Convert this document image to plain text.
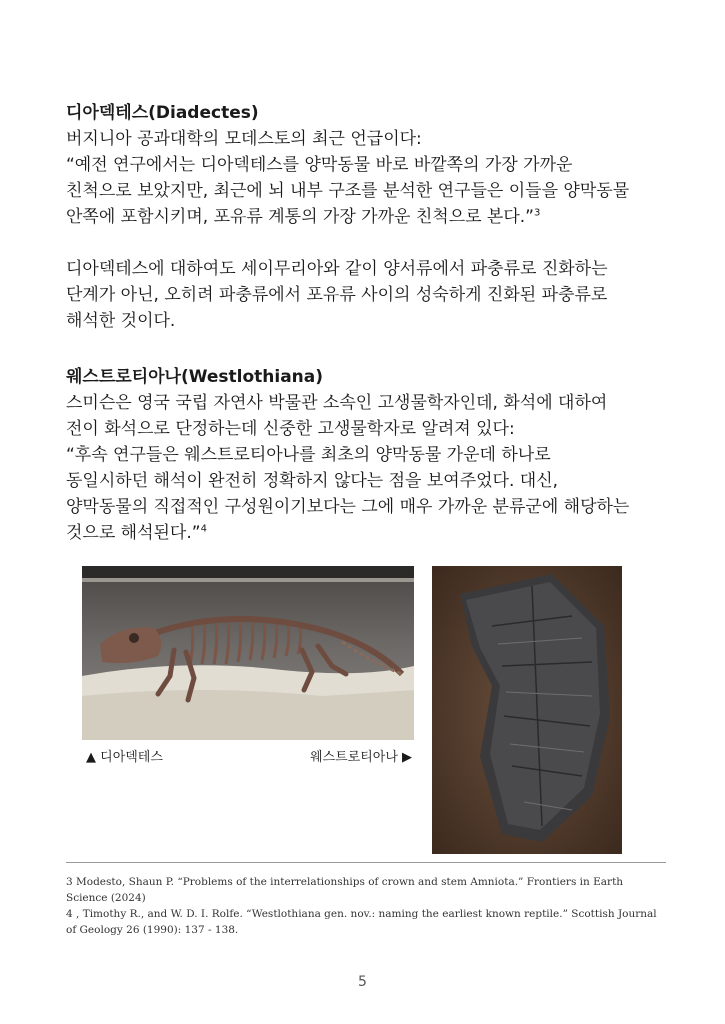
디아덱테스(Diadectes)

버지니아 공과대학의 모데스토의 최근 언급이다:

“예전 연구에서는 디아덱테스를 양막동물 바로 바깥쪽의 가장 가까운

친척으로 보았지만, 최근에 뇌 내부 구조를 분석한 연구들은 이들을 양막동물

안쪽에 포함시키며, 포유류 계통의 가장 가까운 친척으로 본다.”$^3$

디아덱테스에 대하여도 세이무리아와 같이 양서류에서 파충류로 진화하는

단계가 아닌, 오히려 파충류에서 포유류 사이의 성숙하게 진화된 파충류로

해석한 것이다.

웨스트로티아나(Westlothiana)

스미슨은 영국 국립 자연사 박물관 소속인 고생물학자인데, 화석에 대하여

전이 화석으로 단정하는데 신중한 고생물학자로 알려져 있다:

“후속 연구들은 웨스트로티아나를 최초의 양막동물 가운데 하나로

동일시하던 해석이 완전히 정확하지 않다는 점을 보여주었다. 대신,

양막동물의 직접적인 구성원이기보다는 그에 매우 가까운 분류군에 해당하는

것으로 해석된다.”$^4$

▲ 디아덱테스	웨스트로티아나 ▶

3 Modesto, Shaun P. “Problems of the interrelationships of crown and stem Amniota.” Frontiers in Earth Science (2024)

4 , Timothy R., and W. D. I. Rolfe. “Westlothiana gen. nov.: naming the earliest known reptile.” Scottish Journal of Geology 26 (1990): 137 - 138.

5
